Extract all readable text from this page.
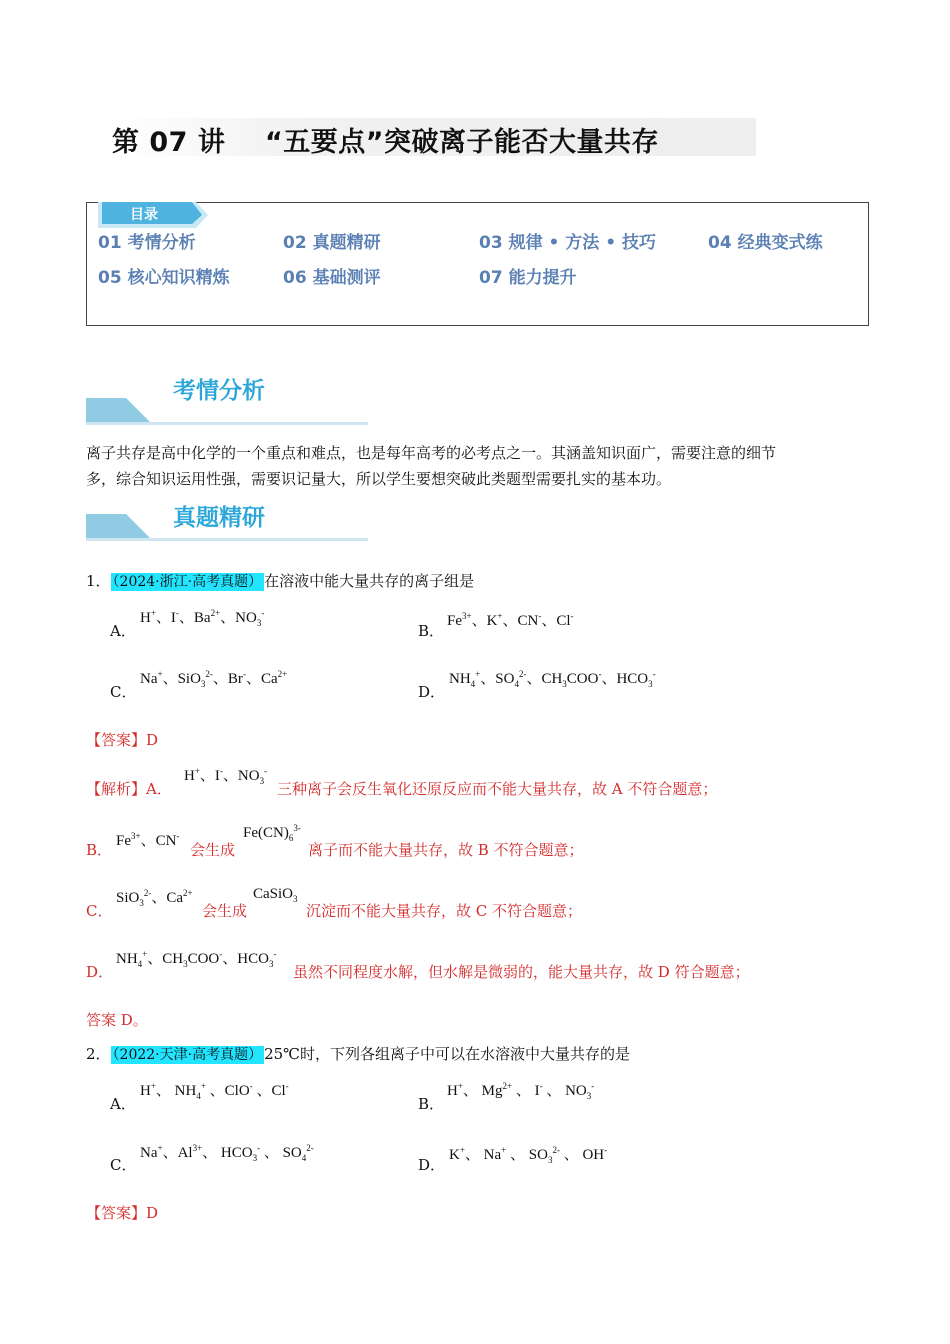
第 07 讲    “五要点”突破离子能否大量共存
目录
01 考情分析	02 真题精研	03 规律 • 方法 • 技巧	04 经典变式练
05 核心知识精炼	06 基础测评	07 能力提升
考情分析
离子共存是高中化学的一个重点和难点，也是每年高考的必考点之一。其涵盖知识面广，需要注意的细节
多，综合知识运用性强，需要识记量大，所以学生要想突破此类题型需要扎实的基本功。
真题精研
1． （2024·浙江·高考真题） 在溶液中能大量共存的离子组是
A．
H+、I-、$Ba^{2+}$、$NO_3^-$
B．
$Fe^{3+}$、K+、CN-、Cl-
C．
Na+、SiO$_3^{2-}$、Br-、$Ca^{2+}$
D．
$NH_4^+$、$SO_4^{2-}$、$CH_3COO^-$、$HCO_3^-$
【答案】D
【解析】A．
H+、I-、$NO_3^-$
三种离子会反生氧化还原反应而不能大量共存，故 A 不符合题意；
B． $Fe^{3+}$、CN-
会生成
$Fe(CN)_6^{3-}$
离子而不能大量共存，故 B 不符合题意；
C．
SiO$_3^{2-}$、$Ca^{2+}$
会生成
CaSiO$_3$
沉淀而不能大量共存，故 C 不符合题意；
D．
$NH_4^+$、$CH_3COO^-$、$HCO_3^-$
虽然不同程度水解，但水解是微弱的，能大量共存，故 D 符合题意；
答案 D。
2． （2022·天津·高考真题） 25℃时，下列各组离子中可以在水溶液中大量共存的是
A．
H+、 $NH_4^+$ 、ClO- 、Cl-
B．
H+、 $Mg^{2+}$ 、 I- 、 $NO_3^-$
C．
Na+、$Al^{3+}$、 $HCO_3^-$ 、 $SO_4^{2-}$
D．
K+、 Na+ 、 $SO_3^{2-}$ 、 OH-
【答案】D
